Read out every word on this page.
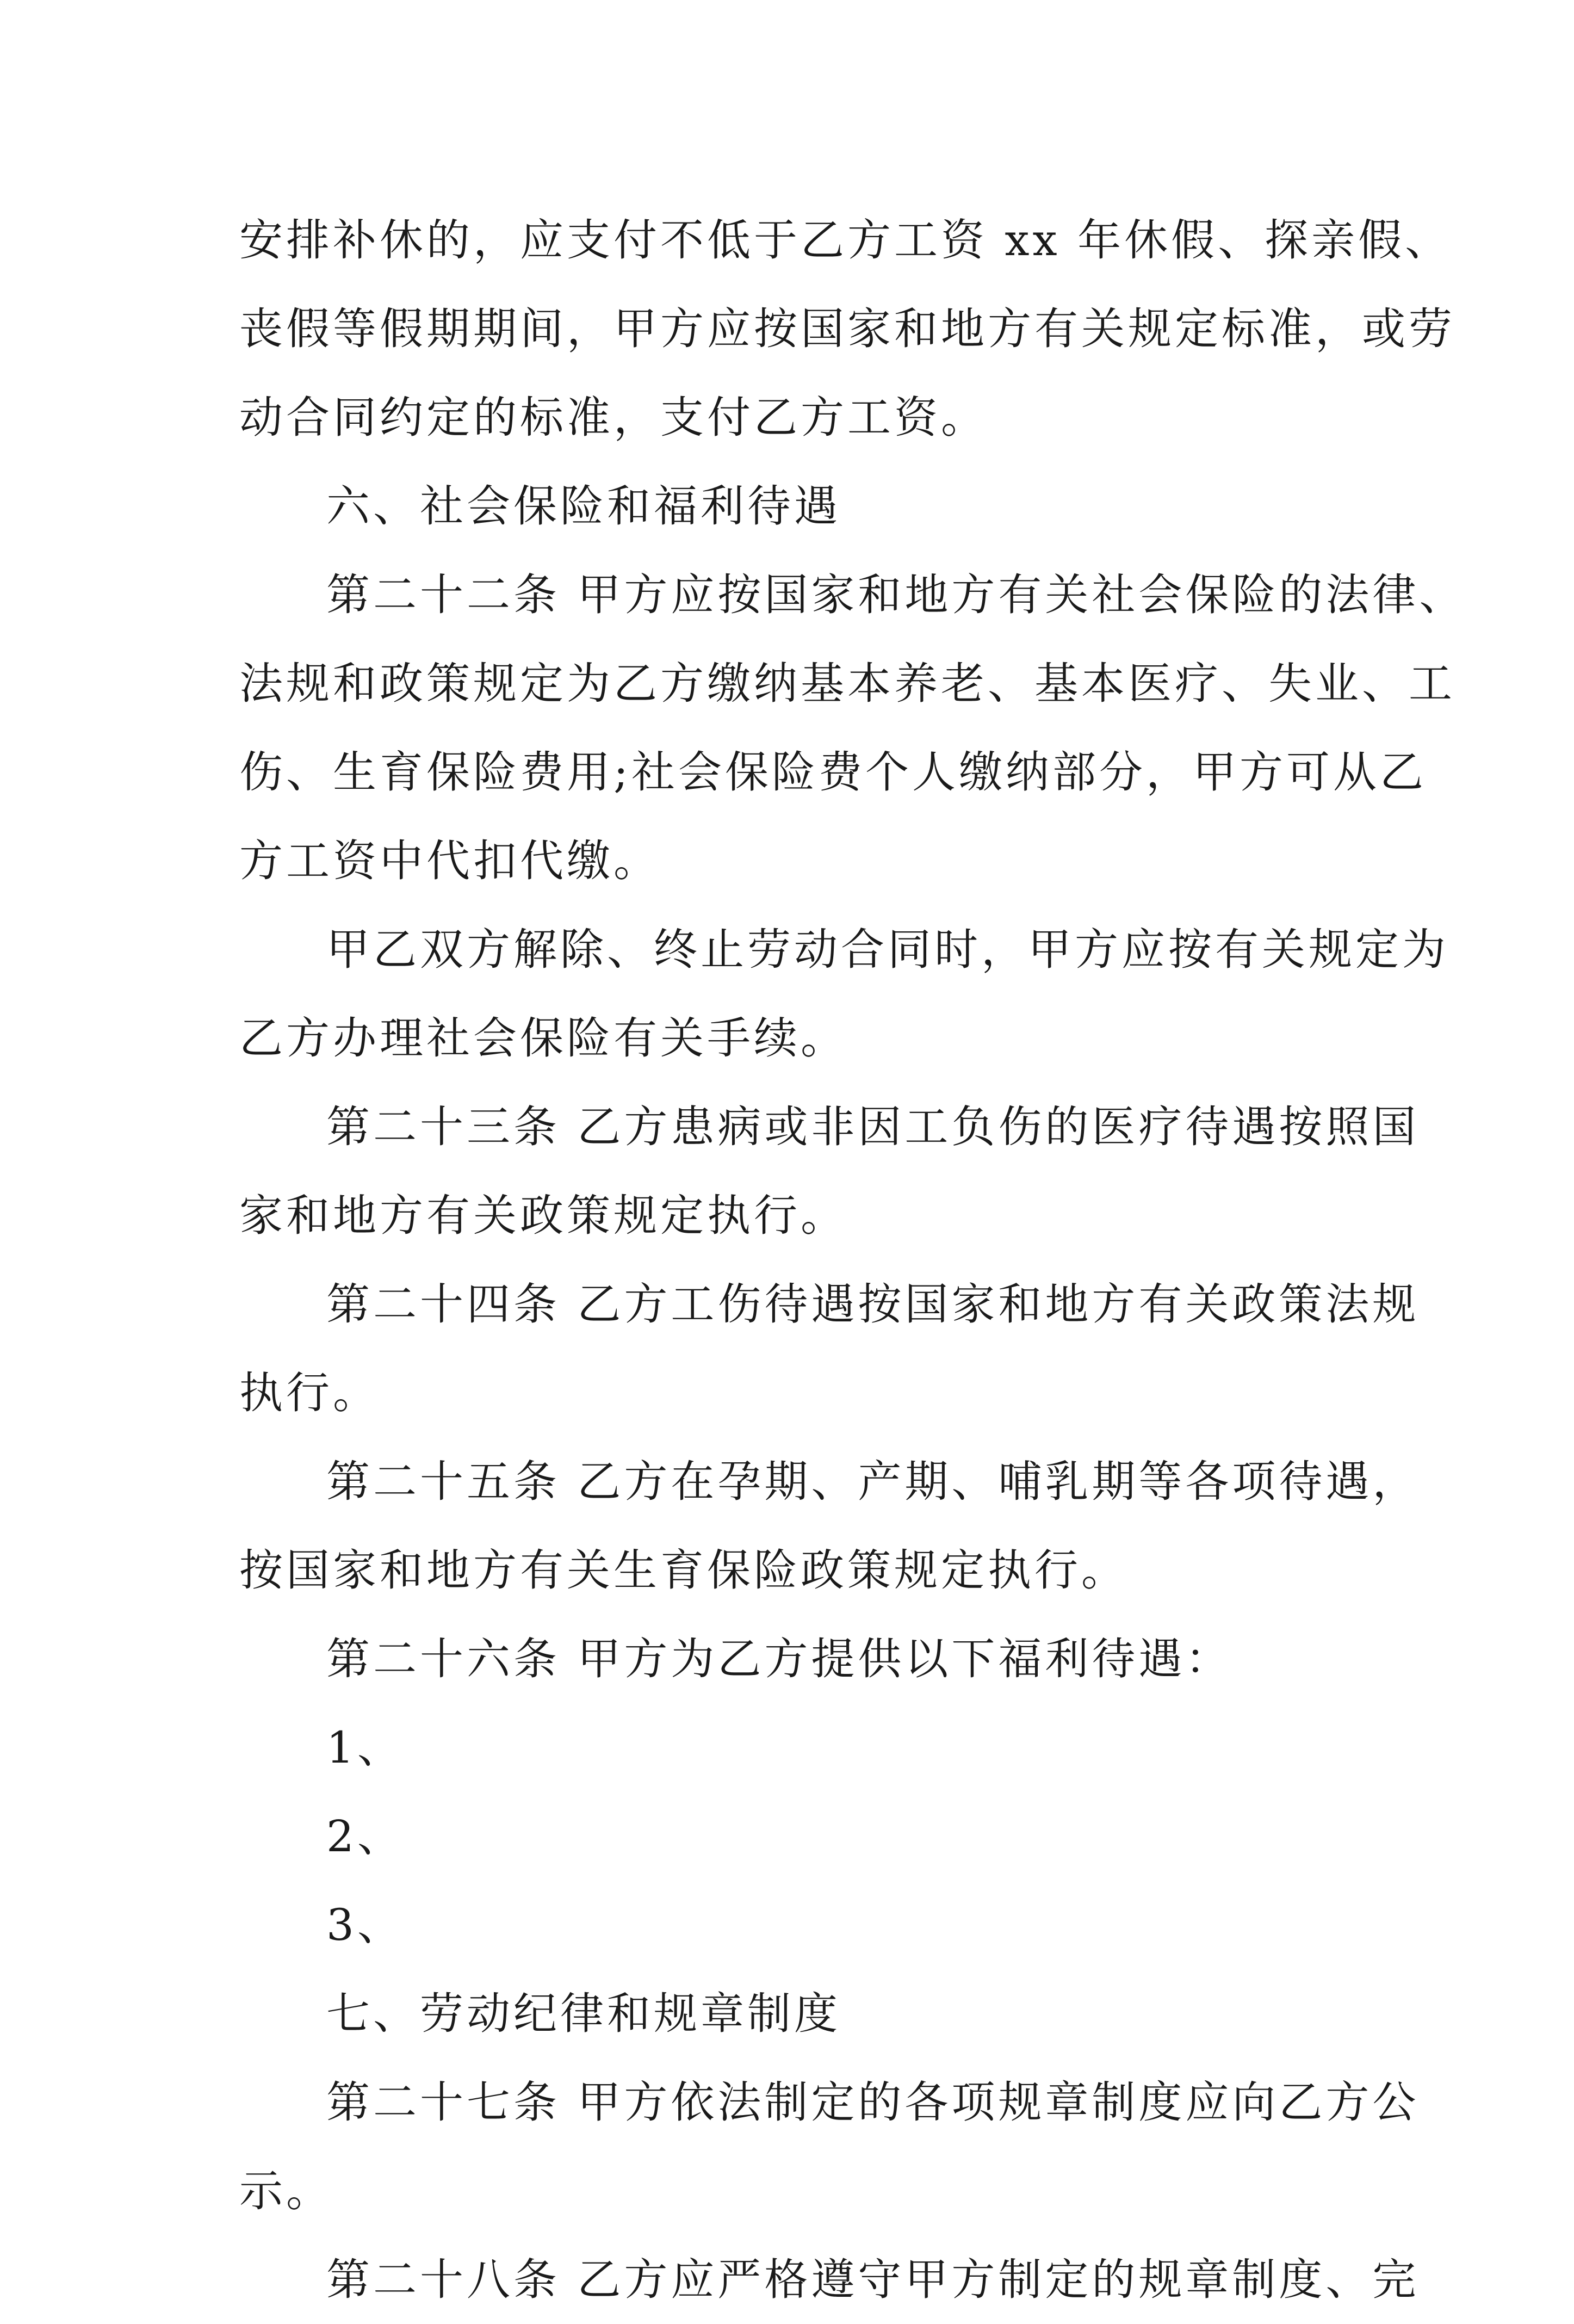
安排补休的，应支付不低于乙方工资 xx 年休假、探亲假、
丧假等假期期间，甲方应按国家和地方有关规定标准，或劳
动合同约定的标准，支付乙方工资。
六、社会保险和福利待遇
第二十二条 甲方应按国家和地方有关社会保险的法律、
法规和政策规定为乙方缴纳基本养老、基本医疗、失业、工
伤、生育保险费用;社会保险费个人缴纳部分，甲方可从乙
方工资中代扣代缴。
甲乙双方解除、终止劳动合同时，甲方应按有关规定为
乙方办理社会保险有关手续。
第二十三条 乙方患病或非因工负伤的医疗待遇按照国
家和地方有关政策规定执行。
第二十四条 乙方工伤待遇按国家和地方有关政策法规
执行。
第二十五条 乙方在孕期、产期、哺乳期等各项待遇，
按国家和地方有关生育保险政策规定执行。
第二十六条 甲方为乙方提供以下福利待遇：
1、
2、
3、
七、劳动纪律和规章制度
第二十七条 甲方依法制定的各项规章制度应向乙方公
示。
第二十八条 乙方应严格遵守甲方制定的规章制度、完
